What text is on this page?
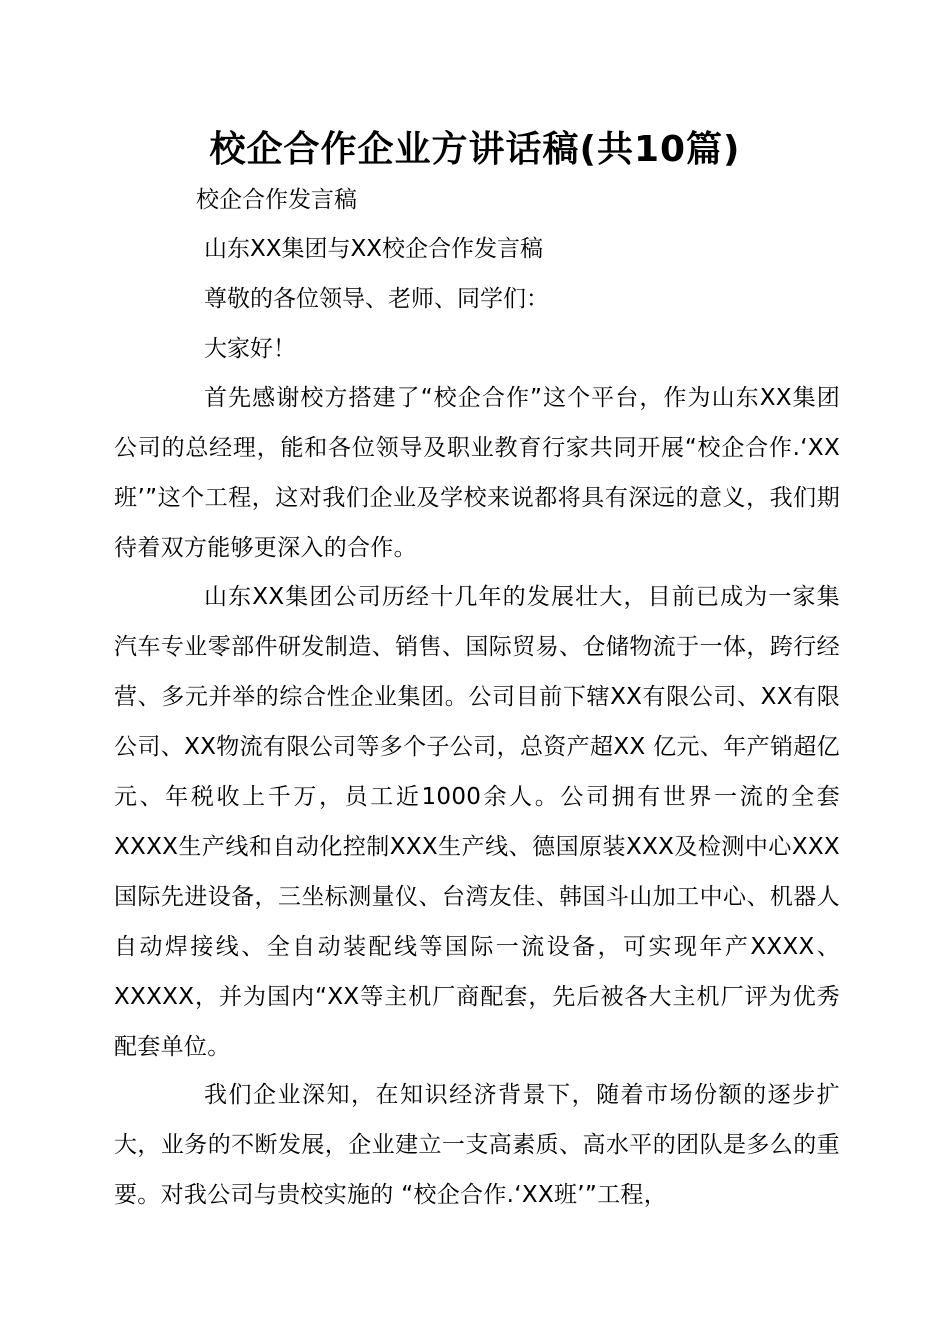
校企合作企业方讲话稿(共10篇)

校企合作发言稿

山东XX集团与XX校企合作发言稿

尊敬的各位领导、老师、同学们：

大家好！

首先感谢校方搭建了“校企合作”这个平台，作为山东XX集团公司的总经理，能和各位领导及职业教育行家共同开展“校企合作.‘XX班’”这个工程，这对我们企业及学校来说都将具有深远的意义，我们期待着双方能够更深入的合作。

山东XX集团公司历经十几年的发展壮大，目前已成为一家集汽车专业零部件研发制造、销售、国际贸易、仓储物流于一体，跨行经营、多元并举的综合性企业集团。公司目前下辖XX有限公司、XX有限公司、XX物流有限公司等多个子公司，总资产超XX 亿元、年产销超亿元、年税收上千万，员工近1000余人。公司拥有世界一流的全套XXXX生产线和自动化控制XXX生产线、德国原装XXX及检测中心XXX国际先进设备，三坐标测量仪、台湾友佳、韩国斗山加工中心、机器人自动焊接线、全自动装配线等国际一流设备，可实现年产XXXX、XXXXX，并为国内“XX等主机厂商配套，先后被各大主机厂评为优秀配套单位。

我们企业深知，在知识经济背景下，随着市场份额的逐步扩大，业务的不断发展，企业建立一支高素质、高水平的团队是多么的重 要。对我公司与贵校实施的 “校企合作.‘XX班’”工程，
